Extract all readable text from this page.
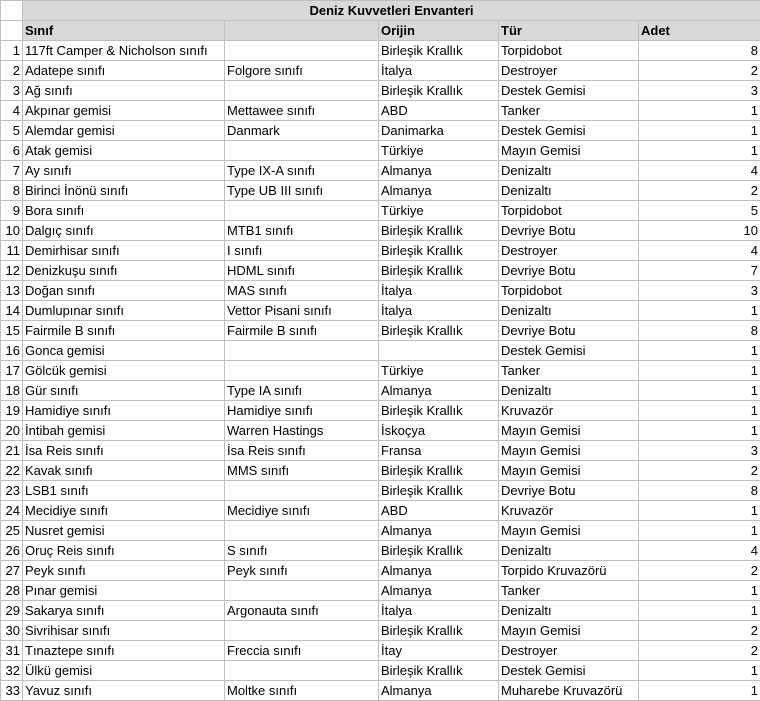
	Deniz Kuvvetleri Envanteri				
	Sınıf		Orijin	Tür	Adet
1	117ft Camper & Nicholson sınıfı		Birleşik Krallık	Torpidobot	8
2	Adatepe sınıfı	Folgore sınıfı	İtalya	Destroyer	2
3	Ağ sınıfı		Birleşik Krallık	Destek Gemisi	3
4	Akpınar gemisi	Mettawee sınıfı	ABD	Tanker	1
5	Alemdar gemisi	Danmark	Danimarka	Destek Gemisi	1
6	Atak gemisi		Türkiye	Mayın Gemisi	1
7	Ay sınıfı	Type IX-A sınıfı	Almanya	Denizaltı	4
8	Birinci İnönü sınıfı	Type UB III sınıfı	Almanya	Denizaltı	2
9	Bora sınıfı		Türkiye	Torpidobot	5
10	Dalgıç sınıfı	MTB1 sınıfı	Birleşik Krallık	Devriye Botu	10
11	Demirhisar sınıfı	I sınıfı	Birleşik Krallık	Destroyer	4
12	Denizkuşu sınıfı	HDML sınıfı	Birleşik Krallık	Devriye Botu	7
13	Doğan sınıfı	MAS sınıfı	İtalya	Torpidobot	3
14	Dumlupınar sınıfı	Vettor Pisani sınıfı	İtalya	Denizaltı	1
15	Fairmile B sınıfı	Fairmile B sınıfı	Birleşik Krallık	Devriye Botu	8
16	Gonca gemisi			Destek Gemisi	1
17	Gölcük gemisi		Türkiye	Tanker	1
18	Gür sınıfı	Type IA sınıfı	Almanya	Denizaltı	1
19	Hamidiye sınıfı	Hamidiye sınıfı	Birleşik Krallık	Kruvazör	1
20	İntibah gemisi	Warren Hastings	İskoçya	Mayın Gemisi	1
21	İsa Reis sınıfı	İsa Reis sınıfı	Fransa	Mayın Gemisi	3
22	Kavak sınıfı	MMS sınıfı	Birleşik Krallık	Mayın Gemisi	2
23	LSB1 sınıfı		Birleşik Krallık	Devriye Botu	8
24	Mecidiye sınıfı	Mecidiye sınıfı	ABD	Kruvazör	1
25	Nusret gemisi		Almanya	Mayın Gemisi	1
26	Oruç Reis sınıfı	S sınıfı	Birleşik Krallık	Denizaltı	4
27	Peyk sınıfı	Peyk sınıfı	Almanya	Torpido Kruvazörü	2
28	Pınar gemisi		Almanya	Tanker	1
29	Sakarya sınıfı	Argonauta sınıfı	İtalya	Denizaltı	1
30	Sivrihisar sınıfı		Birleşik Krallık	Mayın Gemisi	2
31	Tınaztepe sınıfı	Freccia sınıfı	İtay	Destroyer	2
32	Ülkü gemisi		Birleşik Krallık	Destek Gemisi	1
33	Yavuz sınıfı	Moltke sınıfı	Almanya	Muharebe Kruvazörü	1
